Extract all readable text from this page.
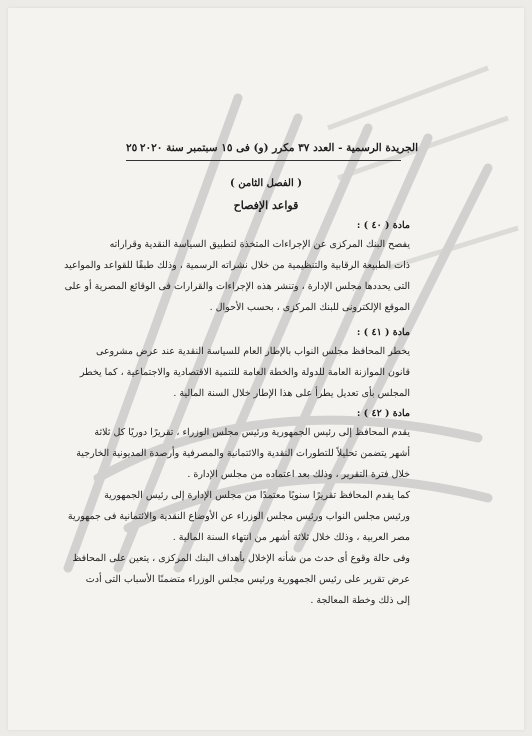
٢٥ الجريدة الرسمية - العدد ٣٧ مكرر (و) فى ١٥ سبتمبر سنة ٢٠٢٠
( الفصل الثامن )
قواعد الإفصاح
مادة ( ٤٠ ) :

يفصح البنك المركزى عن الإجراءات المتخذة لتطبيق السياسة النقدية وقراراته

ذات الطبيعة الرقابية والتنظيمية من خلال نشراته الرسمية ، وذلك طبقًا للقواعد والمواعيد

التى يحددها مجلس الإدارة ، وتنشر هذه الإجراءات والقرارات فى الوقائع المصرية أو على

الموقع الإلكترونى للبنك المركزى ، بحسب الأحوال .

مادة ( ٤١ ) :

يخطر المحافظ مجلس النواب بالإطار العام للسياسة النقدية عند عرض مشروعى

قانون الموازنة العامة للدولة والخطة العامة للتنمية الاقتصادية والاجتماعية ، كما يخطر

المجلس بأى تعديل يطرأ على هذا الإطار خلال السنة المالية .

مادة ( ٤٢ ) :

يقدم المحافظ إلى رئيس الجمهورية ورئيس مجلس الوزراء ، تقريرًا دوريًا كل ثلاثة

أشهر يتضمن تحليلاً للتطورات النقدية والائتمانية والمصرفية وأرصدة المديونية الخارجية

خلال فترة التقرير ، وذلك بعد اعتماده من مجلس الإدارة .

كما يقدم المحافظ تقريرًا سنويًا معتمدًا من مجلس الإدارة إلى رئيس الجمهورية

ورئيس مجلس النواب ورئيس مجلس الوزراء عن الأوضاع النقدية والائتمانية فى جمهورية

مصر العربية ، وذلك خلال ثلاثة أشهر من انتهاء السنة المالية .

وفى حالة وقوع أى حدث من شأنه الإخلال بأهداف البنك المركزى ، يتعين على المحافظ

عرض تقرير على رئيس الجمهورية ورئيس مجلس الوزراء متضمنًا الأسباب التى أدت

إلى ذلك وخطة المعالجة .
